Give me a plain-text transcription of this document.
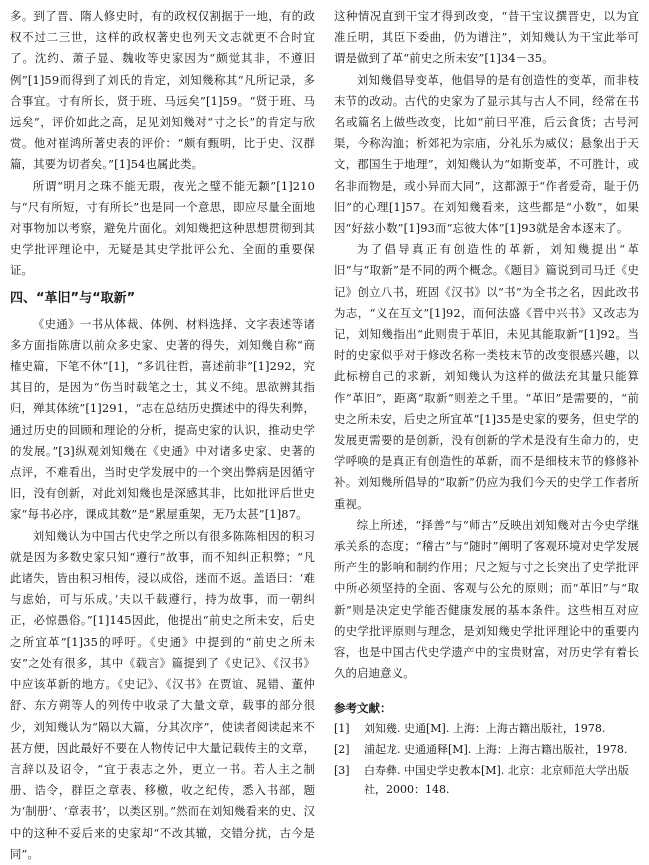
多。到了晋、隋人修史时，有的政权仅割据于一地，有的政权不过二三世，这样的政权著史也列天文志就更不合时宜了。沈约、萧子显、魏收等史家因为“颇觉其非，不遵旧例”[1]59而得到了刘氏的肯定，刘知幾称其“凡所记录，多合事宜。寸有所长，贤于班、马远矣”[1]59。“贤于班、马远矣”，评价如此之高，足见刘知幾对“寸之长”的肯定与欣赏。他对崔鸿所著史表的评价：“颇有甄明，比于史、汉群篇，其要为切者矣。”[1]54也属此类。

所谓“明月之珠不能无瑕，夜光之璧不能无颣”[1]210与“尺有所短，寸有所长”也是同一个意思，即应尽量全面地对事物加以考察，避免片面化。刘知幾把这种思想贯彻到其史学批评理论中，无疑是其史学批评公允、全面的重要保证。

四、“革旧”与“取新”

《史通》一书从体裁、体例、材料选择、文字表述等诸多方面指陈唐以前众多史家、史著的得失，刘知幾自称“商榷史篇，下笔不休”[1]，“多讥往哲，喜述前非”[1]292，究其目的，是因为“伤当时载笔之士，其义不纯。思欲辨其指归，殚其体统”[1]291，“志在总结历史撰述中的得失利弊，通过历史的回顾和理论的分析，提高史家的认识，推动史学的发展。”[3]纵观刘知幾在《史通》中对诸多史家、史著的点评，不难看出，当时史学发展中的一个突出弊病是因循守旧，没有创新，对此刘知幾也是深感其非，比如批评后世史家“每书必序，课成其数”是“累屋重架，无乃太甚”[1]87。

刘知幾认为中国古代史学之所以有很多陈陈相因的积习就是因为多数史家只知“遵行”故事，而不知纠正积弊；“凡此诸失，皆由积习相传，浸以成俗，迷而不返。盖语曰：‘难与虑始，可与乐成。’夫以千载遵行，持为故事，而一朝纠正，必惊愚俗。”[1]145因此，他提出“前史之所未安，后史之所宜革”[1]35的呼吁。《史通》中提到的“前史之所未安”之处有很多，其中《载言》篇提到了《史记》、《汉书》中应该革新的地方。《史记》、《汉书》在贾谊、晁错、董仲舒、东方朔等人的列传中收录了大量文章，载事的部分很少，刘知幾认为“隔以大篇，分其次序”，使读者阅读起来不甚方便，因此最好不要在人物传记中大量记载传主的文章，言辞以及诏令，“宜于表志之外，更立一书。若人主之制册、诰令，群臣之章表、移檄，收之纪传，悉入书部，题为‘制册’、‘章表书’，以类区别。”然而在刘知幾看来的史、汉中的这种不妥后来的史家却“不改其辙，交错分扰，古今是同”。

这种情况直到干宝才得到改变，“昔干宝议撰晋史，以为宜准丘明，其臣下委曲，仍为谱注”，刘知幾认为干宝此举可谓是做到了革“前史之所未安”[1]34－35。

刘知幾倡导变革，他倡导的是有创造性的变革，而非枝末节的改动。古代的史家为了显示其与古人不同，经常在书名或篇名上做些改变，比如“前曰平准，后云食货；古号河渠，今称沟洫；析郊祀为宗庙，分礼乐为威仪；悬象出于天文，郡国生于地理”，刘知幾认为“如斯变革，不可胜计，或名非而物是，或小异而大同”，这都源于“作者爱奇，耻于仍旧”的心理[1]57。在刘知幾看来，这些都是“小数”，如果因“好兹小数”[1]93而“忘彼大体”[1]93就是舍本逐末了。

为了倡导真正有创造性的革新，刘知幾提出“革旧”与“取新”是不同的两个概念。《题目》篇说到司马迁《史记》创立八书，班固《汉书》以“书”为全书之名，因此改书为志，“义在互文”[1]92，而何法盛《晋中兴书》又改志为记，刘知幾指出“此则贵于革旧，未见其能取新”[1]92。当时的史家似乎对于修改名称一类枝末节的改变很感兴趣，以此标榜自己的求新，刘知幾认为这样的做法充其量只能算作“革旧”，距离“取新”则差之千里。“革旧”是需要的，“前史之所未安，后史之所宜革”[1]35是史家的要务，但史学的发展更需要的是创新，没有创新的学术是没有生命力的，史学呼唤的是真正有创造性的革新，而不是细枝末节的修修补补。刘知幾所倡导的“取新”仍应为我们今天的史学工作者所重视。

综上所述，“择善”与“师古”反映出刘知幾对古今史学继承关系的态度；“稽古”与“随时”阐明了客观环境对史学发展所产生的影响和制约作用；尺之短与寸之长突出了史学批评中所必须坚持的全面、客观与公允的原则；而“革旧”与“取新”则是决定史学能否健康发展的基本条件。这些相互对应的史学批评原则与理念，是刘知幾史学批评理论中的重要内容，也是中国古代史学遗产中的宝贵财富，对历史学有着长久的启迪意义。

参考文献：
[1]	刘知幾. 史通[M]. 上海：上海古籍出版社，1978.
[2]	浦起龙. 史通通释[M]. 上海：上海古籍出版社，1978.
[3]	白寿彝. 中国史学史教本[M]. 北京：北京师范大学出版社，2000：148.
